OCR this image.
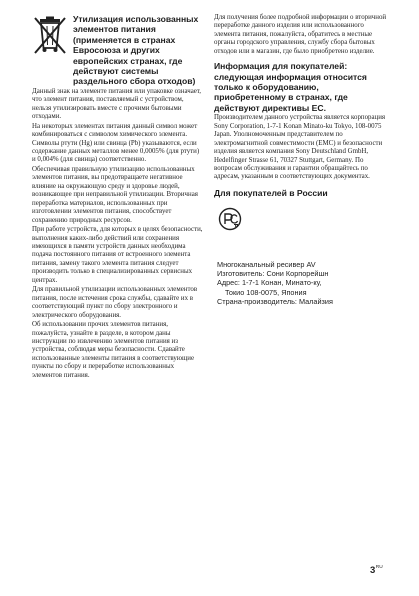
Утилизация использованных элементов питания (применяется в странах Евросоюза и других европейских странах, где действуют системы раздельного сбора отходов)

Данный знак на элементе питания или упаковке означает, что элемент питания, поставляемый с устройством, нельзя утилизировать вместе с прочими бытовыми отходами.

На некоторых элементах питания данный символ может комбинироваться с символом химического элемента. Символы ртути (Hg) или свинца (Pb) указываются, если содержание данных металлов менее 0,0005% (для ртути) и 0,004% (для свинца) соответственно.

Обеспечивая правильную утилизацию использованных элементов питания, вы предотвращаете негативное влияние на окружающую среду и здоровье людей, возникающее при неправильной утилизации. Вторичная переработка материалов, использованных при изготовлении элементов питания, способствует сохранению природных ресурсов.

При работе устройств, для которых в целях безопасности, выполнения каких-либо действий или сохранения имеющихся в памяти устройств данных необходима подача постоянного питания от встроенного элемента питания, замену такого элемента питания следует производить только в специализированных сервисных центрах.

Для правильной утилизации использованных элементов питания, после истечения срока службы, сдавайте их в соответствующий пункт по сбору электронного и электрического оборудования.

Об использовании прочих элементов питания, пожалуйста, узнайте в разделе, в котором даны инструкции по извлечению элементов питания из устройства, соблюдая меры безопасности. Сдавайте использованные элементы питания в соответствующие пункты по сбору и переработке использованных элементов питания.

Для получения более подробной информации о вторичной переработке данного изделия или использованного элемента питания, пожалуйста, обратитесь в местные органы городского управления, службу сбора бытовых отходов или в магазин, где было приобретено изделие.

Информация для покупателей: следующая информация относится только к оборудованию, приобретенному в странах, где действуют директивы ЕС.

Производителем данного устройства является корпорация Sony Corporation, 1-7-1 Konan Minato-ku Tokyo, 108-0075 Japan. Уполномоченным представителем по электромагнитной совместимости (EMC) и безопасности изделия является компания Sony Deutschland GmbH, Hedelfinger Strasse 61, 70327 Stuttgart, Germany. По вопросам обслуживания и гарантии обращайтесь по адресам, указанным в соответствующих документах.

Для покупателей в России

Многоканальный ресивер AV
Изготовитель: Сони Корпорейшн
Адрес: 1-7-1 Конан, Минато-ку,
Токио 108-0075, Япония
Страна-производитель: Малайзия
$3^{RU}$
